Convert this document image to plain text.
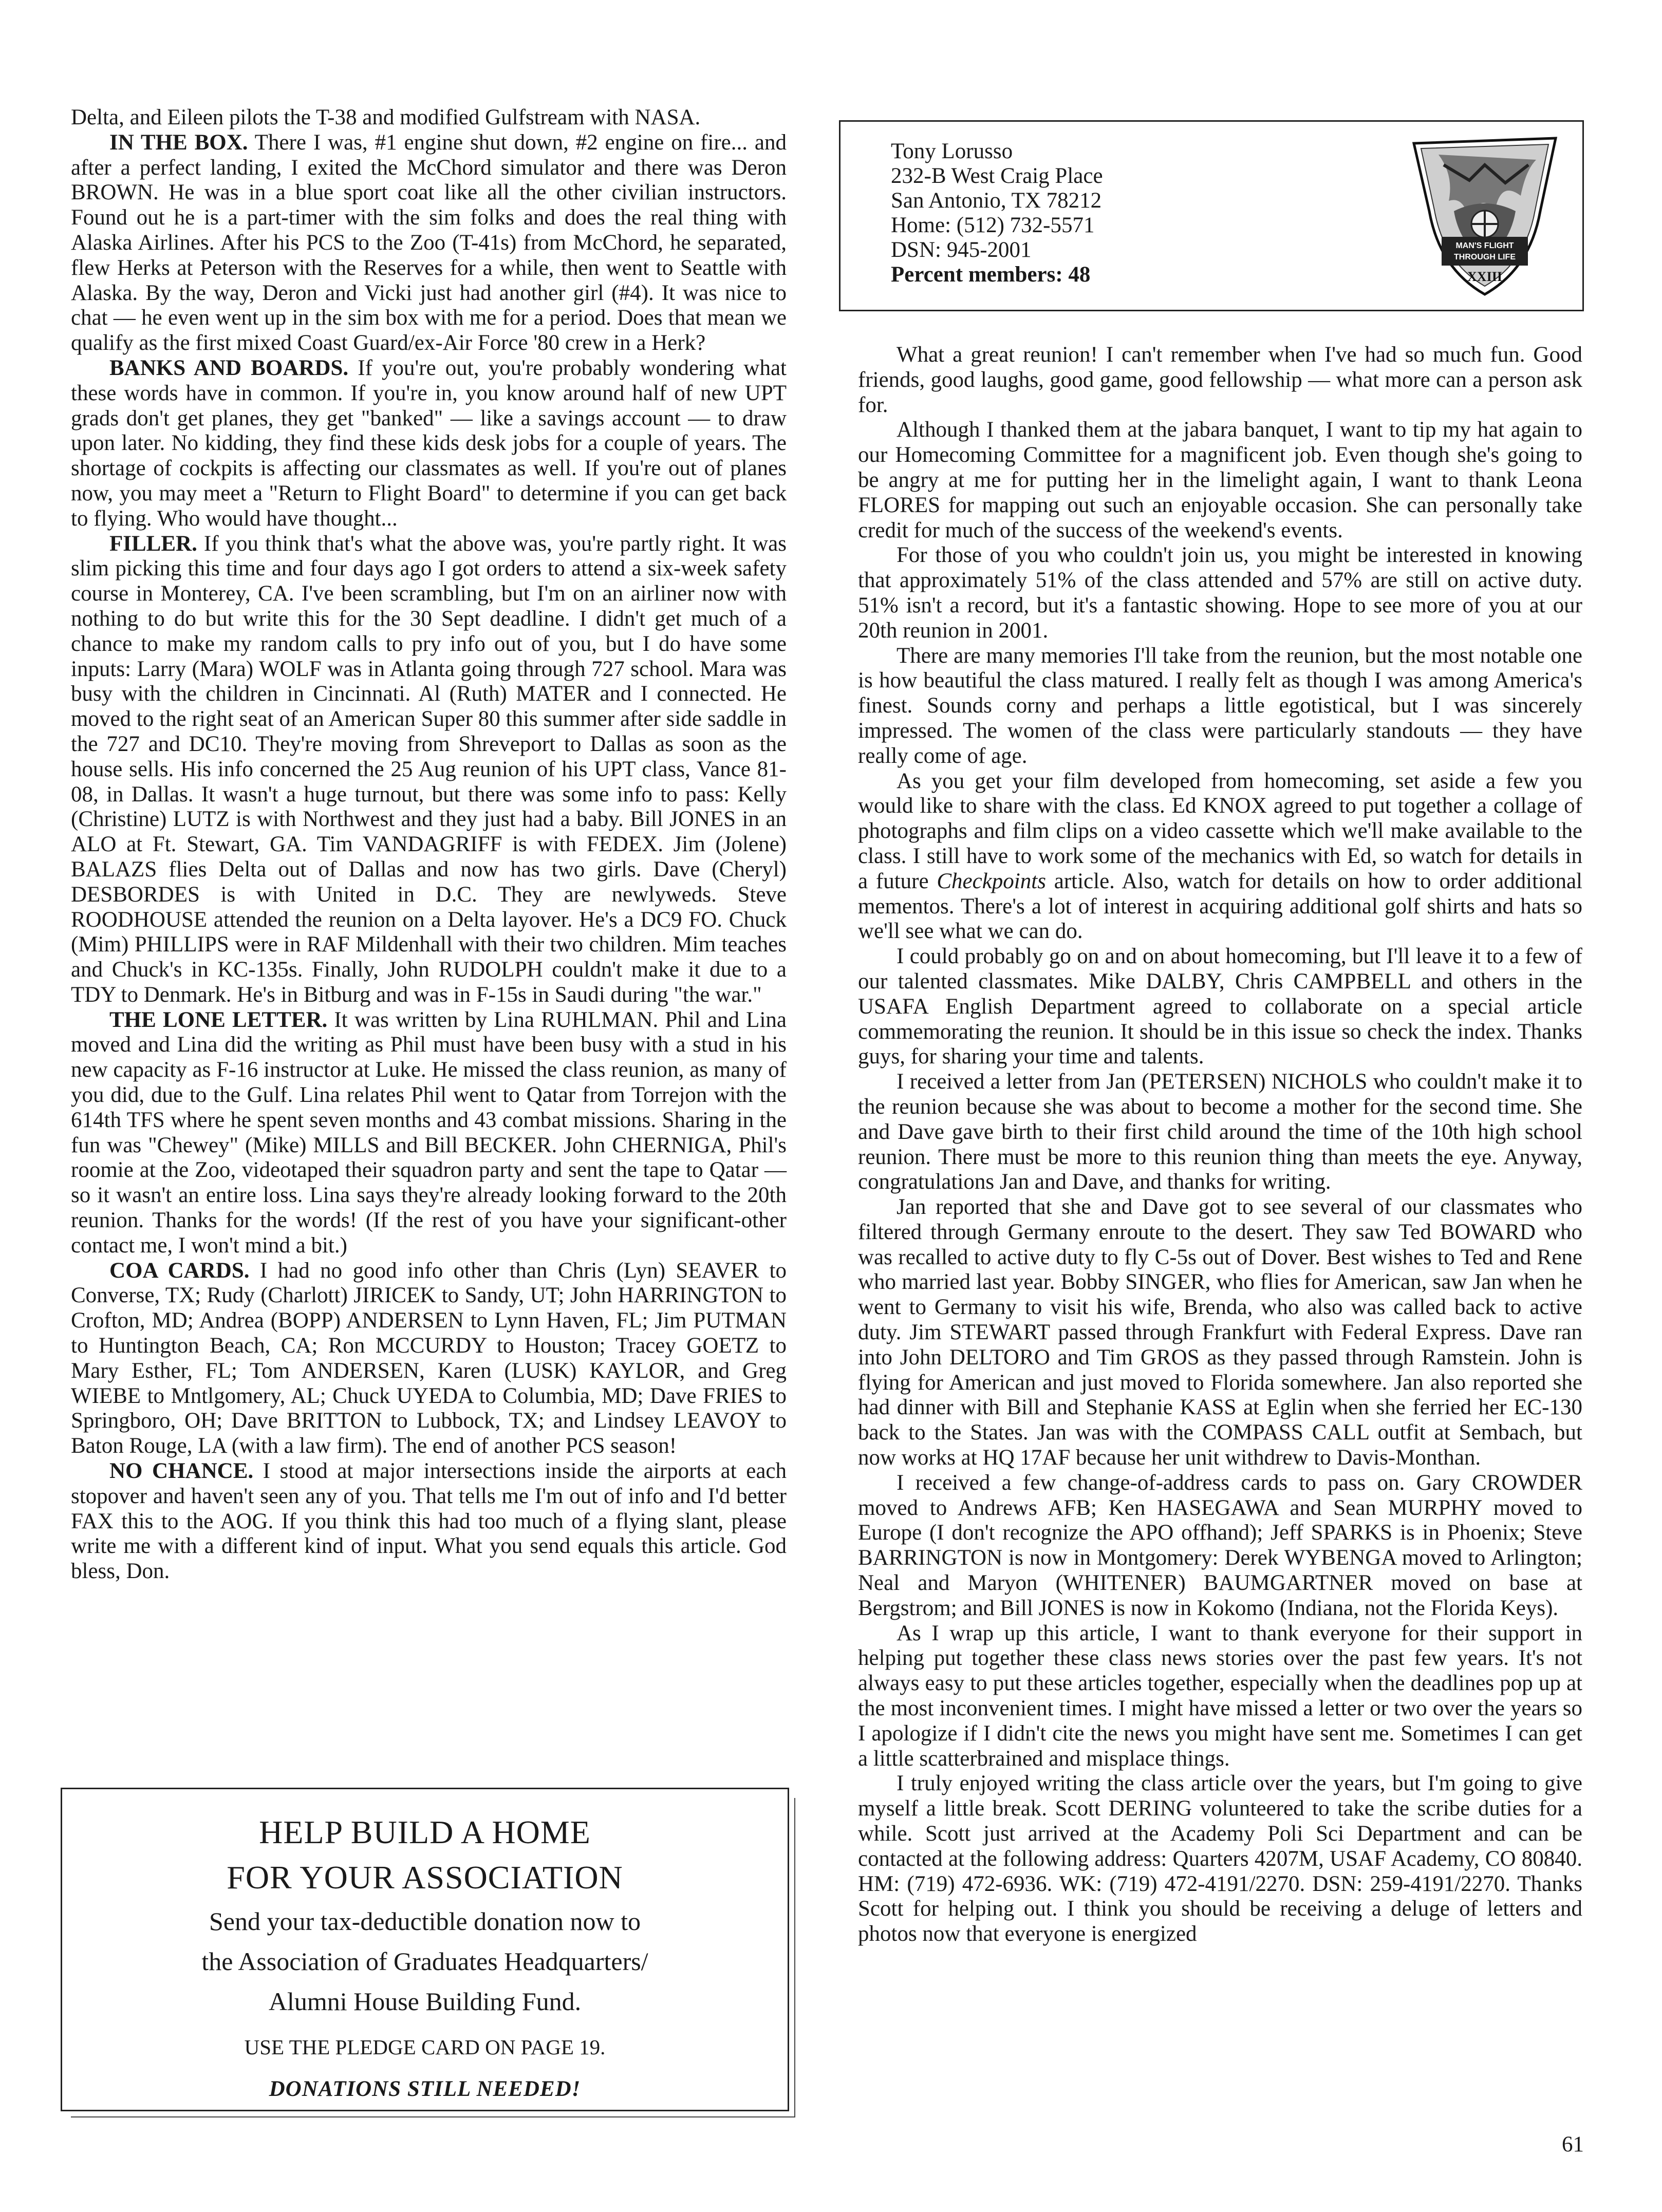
Delta, and Eileen pilots the T-38 and modified Gulfstream with NASA.

IN THE BOX. There I was, #1 engine shut down, #2 engine on fire... and after a perfect landing, I exited the McChord simulator and there was Deron BROWN. He was in a blue sport coat like all the other civilian instructors. Found out he is a part-timer with the sim folks and does the real thing with Alaska Airlines. After his PCS to the Zoo (T-41s) from McChord, he separated, flew Herks at Peterson with the Reserves for a while, then went to Seattle with Alaska. By the way, Deron and Vicki just had another girl (#4). It was nice to chat — he even went up in the sim box with me for a period. Does that mean we qualify as the first mixed Coast Guard/ex-Air Force '80 crew in a Herk?

BANKS AND BOARDS. If you're out, you're probably wondering what these words have in common. If you're in, you know around half of new UPT grads don't get planes, they get "banked" — like a savings account — to draw upon later. No kidding, they find these kids desk jobs for a couple of years. The shortage of cockpits is affecting our classmates as well. If you're out of planes now, you may meet a "Return to Flight Board" to determine if you can get back to flying. Who would have thought...

FILLER. If you think that's what the above was, you're partly right. It was slim picking this time and four days ago I got orders to attend a six-week safety course in Monterey, CA. I've been scrambling, but I'm on an airliner now with nothing to do but write this for the 30 Sept deadline. I didn't get much of a chance to make my random calls to pry info out of you, but I do have some inputs: Larry (Mara) WOLF was in Atlanta going through 727 school. Mara was busy with the children in Cincinnati. Al (Ruth) MATER and I connected. He moved to the right seat of an American Super 80 this summer after side saddle in the 727 and DC10. They're moving from Shreveport to Dallas as soon as the house sells. His info concerned the 25 Aug reunion of his UPT class, Vance 81-08, in Dallas. It wasn't a huge turnout, but there was some info to pass: Kelly (Christine) LUTZ is with Northwest and they just had a baby. Bill JONES in an ALO at Ft. Stewart, GA. Tim VANDAGRIFF is with FEDEX. Jim (Jolene) BALAZS flies Delta out of Dallas and now has two girls. Dave (Cheryl) DESBORDES is with United in D.C. They are newlyweds. Steve ROODHOUSE attended the reunion on a Delta layover. He's a DC9 FO. Chuck (Mim) PHILLIPS were in RAF Mildenhall with their two children. Mim teaches and Chuck's in KC-135s. Finally, John RUDOLPH couldn't make it due to a TDY to Denmark. He's in Bitburg and was in F-15s in Saudi during "the war."

THE LONE LETTER. It was written by Lina RUHLMAN. Phil and Lina moved and Lina did the writing as Phil must have been busy with a stud in his new capacity as F-16 instructor at Luke. He missed the class reunion, as many of you did, due to the Gulf. Lina relates Phil went to Qatar from Torrejon with the 614th TFS where he spent seven months and 43 combat missions. Sharing in the fun was "Chewey" (Mike) MILLS and Bill BECKER. John CHERNIGA, Phil's roomie at the Zoo, videotaped their squadron party and sent the tape to Qatar — so it wasn't an entire loss. Lina says they're already looking forward to the 20th reunion. Thanks for the words! (If the rest of you have your significant-other contact me, I won't mind a bit.)

COA CARDS. I had no good info other than Chris (Lyn) SEAVER to Converse, TX; Rudy (Charlott) JIRICEK to Sandy, UT; John HARRINGTON to Crofton, MD; Andrea (BOPP) ANDERSEN to Lynn Haven, FL; Jim PUTMAN to Huntington Beach, CA; Ron MCCURDY to Houston; Tracey GOETZ to Mary Esther, FL; Tom ANDERSEN, Karen (LUSK) KAYLOR, and Greg WIEBE to Mntlgomery, AL; Chuck UYEDA to Columbia, MD; Dave FRIES to Springboro, OH; Dave BRITTON to Lubbock, TX; and Lindsey LEAVOY to Baton Rouge, LA (with a law firm). The end of another PCS season!

NO CHANCE. I stood at major intersections inside the airports at each stopover and haven't seen any of you. That tells me I'm out of info and I'd better FAX this to the AOG. If you think this had too much of a flying slant, please write me with a different kind of input. What you send equals this article. God bless, Don.

HELP BUILD A HOME
FOR YOUR ASSOCIATION
Send your tax-deductible donation now to
the Association of Graduates Headquarters/
Alumni House Building Fund.
USE THE PLEDGE CARD ON PAGE 19.
DONATIONS STILL NEEDED!
Tony Lorusso
232-B West Craig Place
San Antonio, TX 78212
Home: (512) 732-5571
DSN: 945-2001
Percent members: 48
MAN'S FLIGHT
THROUGH LIFE
XXIII

What a great reunion! I can't remember when I've had so much fun. Good friends, good laughs, good game, good fellowship — what more can a person ask for.

Although I thanked them at the jabara banquet, I want to tip my hat again to our Homecoming Committee for a magnificent job. Even though she's going to be angry at me for putting her in the limelight again, I want to thank Leona FLORES for mapping out such an enjoyable occasion. She can personally take credit for much of the success of the weekend's events.

For those of you who couldn't join us, you might be interested in knowing that approximately 51% of the class attended and 57% are still on active duty. 51% isn't a record, but it's a fantastic showing. Hope to see more of you at our 20th reunion in 2001.

There are many memories I'll take from the reunion, but the most notable one is how beautiful the class matured. I really felt as though I was among America's finest. Sounds corny and perhaps a little egotistical, but I was sincerely impressed. The women of the class were particularly standouts — they have really come of age.

As you get your film developed from homecoming, set aside a few you would like to share with the class. Ed KNOX agreed to put together a collage of photographs and film clips on a video cassette which we'll make available to the class. I still have to work some of the mechanics with Ed, so watch for details in a future Checkpoints article. Also, watch for details on how to order additional mementos. There's a lot of interest in acquiring additional golf shirts and hats so we'll see what we can do.

I could probably go on and on about homecoming, but I'll leave it to a few of our talented classmates. Mike DALBY, Chris CAMPBELL and others in the USAFA English Department agreed to collaborate on a special article commemorating the reunion. It should be in this issue so check the index. Thanks guys, for sharing your time and talents.

I received a letter from Jan (PETERSEN) NICHOLS who couldn't make it to the reunion because she was about to become a mother for the second time. She and Dave gave birth to their first child around the time of the 10th high school reunion. There must be more to this reunion thing than meets the eye. Anyway, congratulations Jan and Dave, and thanks for writing.

Jan reported that she and Dave got to see several of our classmates who filtered through Germany enroute to the desert. They saw Ted BOWARD who was recalled to active duty to fly C-5s out of Dover. Best wishes to Ted and Rene who married last year. Bobby SINGER, who flies for American, saw Jan when he went to Germany to visit his wife, Brenda, who also was called back to active duty. Jim STEWART passed through Frankfurt with Federal Express. Dave ran into John DELTORO and Tim GROS as they passed through Ramstein. John is flying for American and just moved to Florida somewhere. Jan also reported she had dinner with Bill and Stephanie KASS at Eglin when she ferried her EC-130 back to the States. Jan was with the COMPASS CALL outfit at Sembach, but now works at HQ 17AF because her unit withdrew to Davis-Monthan.

I received a few change-of-address cards to pass on. Gary CROWDER moved to Andrews AFB; Ken HASEGAWA and Sean MURPHY moved to Europe (I don't recognize the APO offhand); Jeff SPARKS is in Phoenix; Steve BARRINGTON is now in Montgomery: Derek WYBENGA moved to Arlington; Neal and Maryon (WHITENER) BAUMGARTNER moved on base at Bergstrom; and Bill JONES is now in Kokomo (Indiana, not the Florida Keys).

As I wrap up this article, I want to thank everyone for their support in helping put together these class news stories over the past few years. It's not always easy to put these articles together, especially when the deadlines pop up at the most inconvenient times. I might have missed a letter or two over the years so I apologize if I didn't cite the news you might have sent me. Sometimes I can get a little scatterbrained and misplace things.

I truly enjoyed writing the class article over the years, but I'm going to give myself a little break. Scott DERING volunteered to take the scribe duties for a while. Scott just arrived at the Academy Poli Sci Department and can be contacted at the following address: Quarters 4207M, USAF Academy, CO 80840. HM: (719) 472-6936. WK: (719) 472-4191/2270. DSN: 259-4191/2270. Thanks Scott for helping out. I think you should be receiving a deluge of letters and photos now that everyone is energized

61
